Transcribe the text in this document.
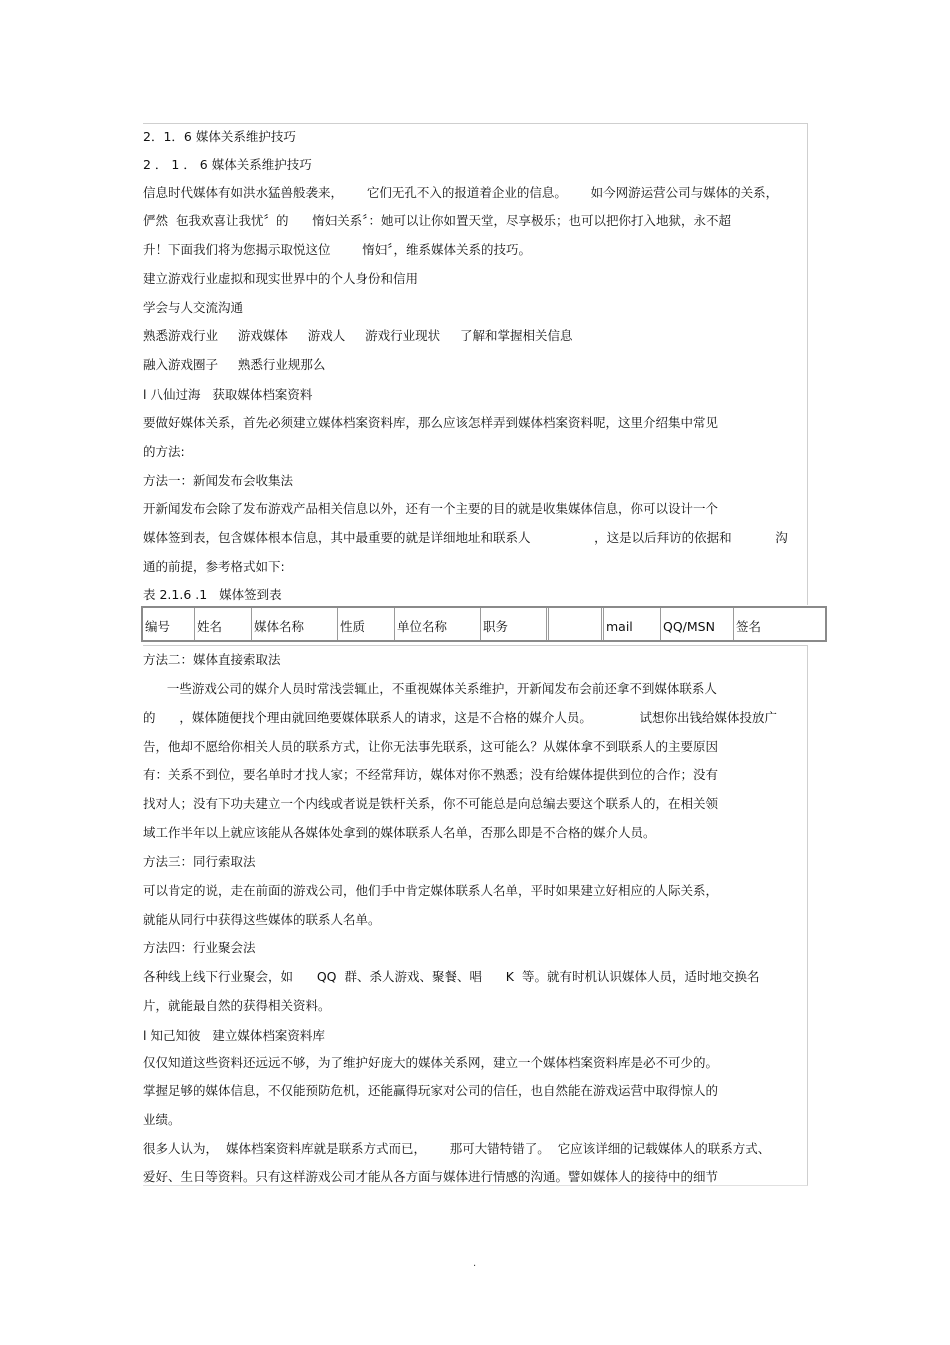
2．1．6 媒体关系维护技巧
2 ． 1 ． 6 媒体关系维护技巧
信息时代媒体有如洪水猛兽般袭来，      它们无孔不入的报道着企业的信息。      如今网游运营公司与媒体的关系，
俨然  㐌我欢喜让我忧〞的      惰妇关系〞：她可以让你如置天堂，尽享极乐；也可以把你打入地狱，永不超
升！下面我们将为您揭示取悦这位        惰妇〞，维系媒体关系的技巧。
建立游戏行业虚拟和现实世界中的个人身份和信用
学会与人交流沟通
熟悉游戏行业     游戏媒体     游戏人     游戏行业现状     了解和掌握相关信息
融入游戏圈子     熟悉行业规那么
l 八仙过海   获取媒体档案资料
要做好媒体关系，首先必须建立媒体档案资料库，那么应该怎样弄到媒体档案资料呢，这里介绍集中常见
的方法:
方法一：新闻发布会收集法
开新闻发布会除了发布游戏产品相关信息以外，还有一个主要的目的就是收集媒体信息，你可以设计一个
媒体签到表，包含媒体根本信息，其中最重要的就是详细地址和联系人                ，这是以后拜访的依据和           沟
通的前提，参考格式如下:
表 2.1.6 .1   媒体签到表
编号	姓名	媒体名称	性质	单位名称	职务	mail	QQ/MSN	签名
方法二：媒体直接索取法
一些游戏公司的媒介人员时常浅尝辄止，不重视媒体关系维护，开新闻发布会前还拿不到媒体联系人
的      ，媒体随便找个理由就回绝要媒体联系人的请求，这是不合格的媒介人员。            试想你出钱给媒体投放广
告，他却不愿给你相关人员的联系方式，让你无法事先联系，这可能么？从媒体拿不到联系人的主要原因
有：关系不到位，要名单时才找人家；不经常拜访，媒体对你不熟悉；没有给媒体提供到位的合作；没有
找对人；没有下功夫建立一个内线或者说是铁杆关系，你不可能总是向总编去要这个联系人的，在相关领
域工作半年以上就应该能从各媒体处拿到的媒体联系人名单，否那么即是不合格的媒介人员。
方法三：同行索取法
可以肯定的说，走在前面的游戏公司，他们手中肯定媒体联系人名单，平时如果建立好相应的人际关系，
就能从同行中获得这些媒体的联系人名单。
方法四：行业聚会法
各种线上线下行业聚会，如      QQ  群、杀人游戏、聚餐、唱      K  等。就有时机认识媒体人员，适时地交换名
片，就能最自然的获得相关资料。
l 知己知彼   建立媒体档案资料库
仅仅知道这些资料还远远不够，为了维护好庞大的媒体关系网，建立一个媒体档案资料库是必不可少的。
掌握足够的媒体信息，不仅能预防危机，还能赢得玩家对公司的信任，也自然能在游戏运营中取得惊人的
业绩。
很多人认为，  媒体档案资料库就是联系方式而已，      那可大错特错了。  它应该详细的记载媒体人的联系方式、
爱好、生日等资料。只有这样游戏公司才能从各方面与媒体进行情感的沟通。譬如媒体人的接待中的细节
.
